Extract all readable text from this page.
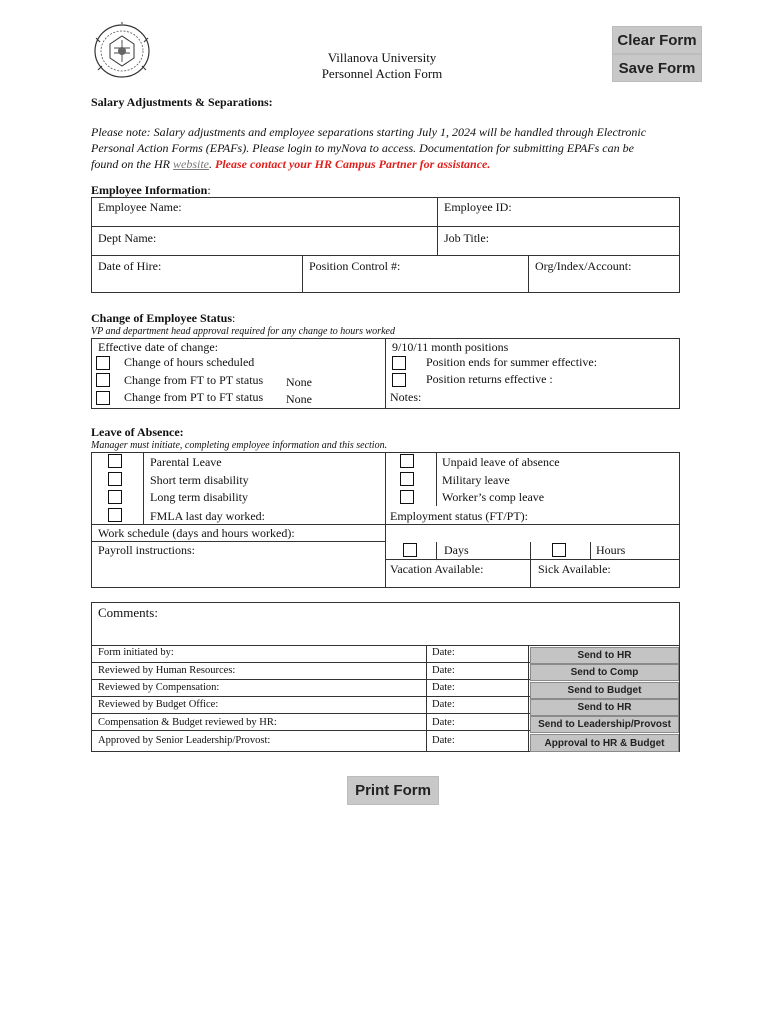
Villanova University
Personnel Action Form
Clear Form
Save Form
Salary Adjustments & Separations:
Please note: Salary adjustments and employee separations starting July 1, 2024 will be handled through Electronic
Personal Action Forms (EPAFs). Please login to myNova to access. Documentation for submitting EPAFs can be
found on the HR website. Please contact your HR Campus Partner for assistance.
Employee Information:
Employee Name:	Employee ID:
Dept Name:	Job Title:
Date of Hire:	Position Control #:	Org/Index/Account:
Change of Employee Status:
VP and department head approval required for any change to hours worked
Effective date of change:
Change of hours scheduled
Change from FT to PT status None
Change from PT to FT status None
9/10/11 month positions
Position ends for summer effective:
Position returns effective :
Notes:
Leave of Absence:
Manager must initiate, completing employee information and this section.
Parental Leave
Short term disability
Long term disability
FMLA last day worked:
Unpaid leave of absence
Military leave
Worker’s comp leave
Employment status (FT/PT):
Work schedule (days and hours worked):
Payroll instructions:	Days	Hours
Vacation Available:	Sick Available:
Comments:
Form initiated by:	Date:
Reviewed by Human Resources:	Date:
Reviewed by Compensation:	Date:
Reviewed by Budget Office:	Date:
Compensation & Budget reviewed by HR:	Date:
Approved by Senior Leadership/Provost:	Date:
Send to HR
Send to Comp
Send to Budget
Send to HR
Send to Leadership/Provost
Approval to HR & Budget
Print Form
